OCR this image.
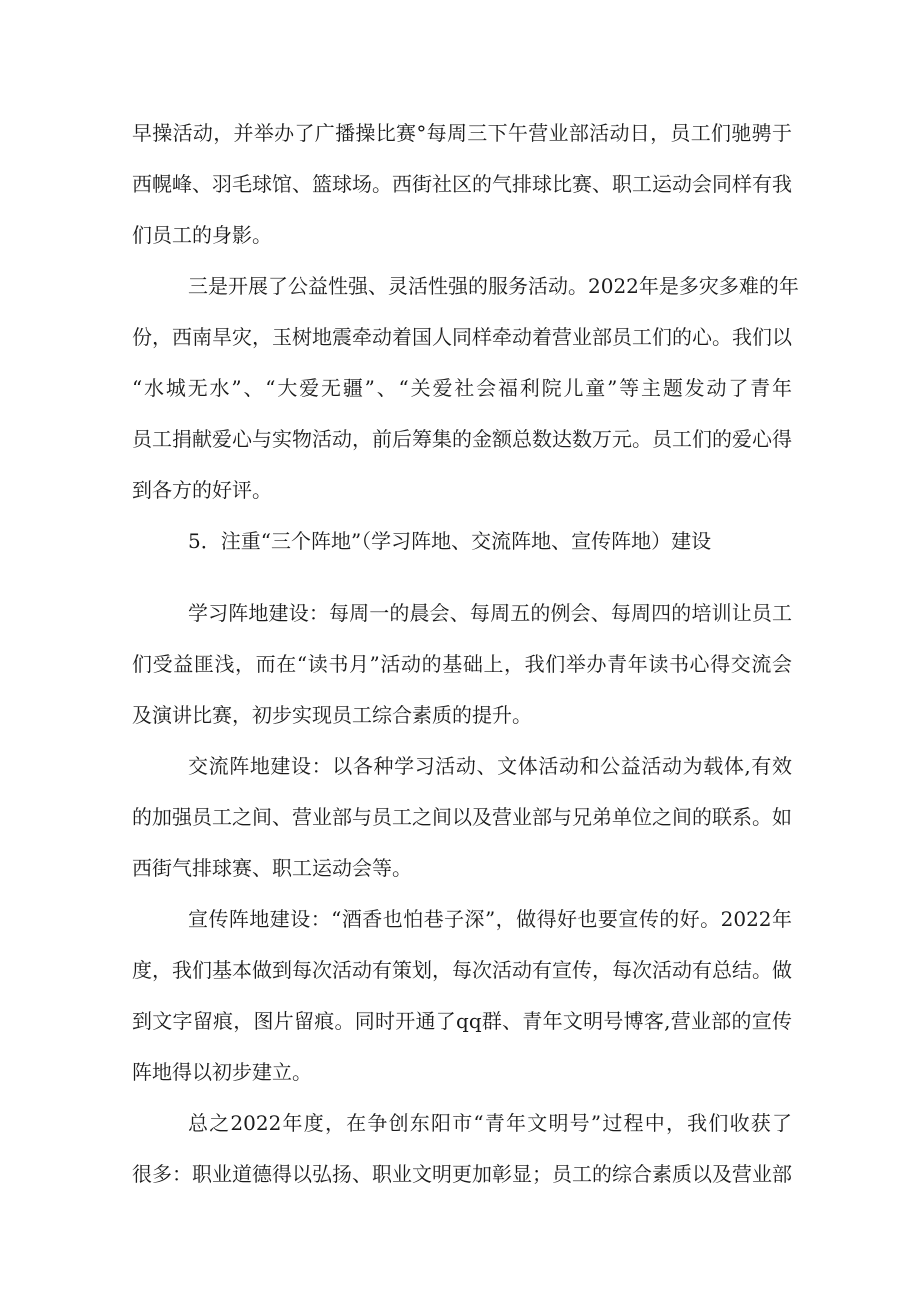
早操活动，并举办了广播操比赛°每周三下午营业部活动日，员工们驰骋于
西幌峰、羽毛球馆、篮球场。西街社区的气排球比赛、职工运动会同样有我
们员工的身影。
三是开展了公益性强、灵活性强的服务活动。2022年是多灾多难的年
份，西南旱灾，玉树地震牵动着国人同样牵动着营业部员工们的心。我们以
“水城无水”、“大爱无疆”、“关爱社会福利院儿童”等主题发动了青年
员工捐献爱心与实物活动，前后筹集的金额总数达数万元。员工们的爱心得
到各方的好评。
5．注重“三个阵地”（学习阵地、交流阵地、宣传阵地）建设
学习阵地建设：每周一的晨会、每周五的例会、每周四的培训让员工
们受益匪浅，而在“读书月”活动的基础上，我们举办青年读书心得交流会
及演讲比赛，初步实现员工综合素质的提升。
交流阵地建设：以各种学习活动、文体活动和公益活动为载体,有效
的加强员工之间、营业部与员工之间以及营业部与兄弟单位之间的联系。如
西街气排球赛、职工运动会等。
宣传阵地建设：“酒香也怕巷子深”，做得好也要宣传的好。2022年
度，我们基本做到每次活动有策划，每次活动有宣传，每次活动有总结。做
到文字留痕，图片留痕。同时开通了qq群、青年文明号博客,营业部的宣传
阵地得以初步建立。
总之2022年度，在争创东阳市“青年文明号”过程中，我们收获了
很多：职业道德得以弘扬、职业文明更加彰显；员工的综合素质以及营业部
